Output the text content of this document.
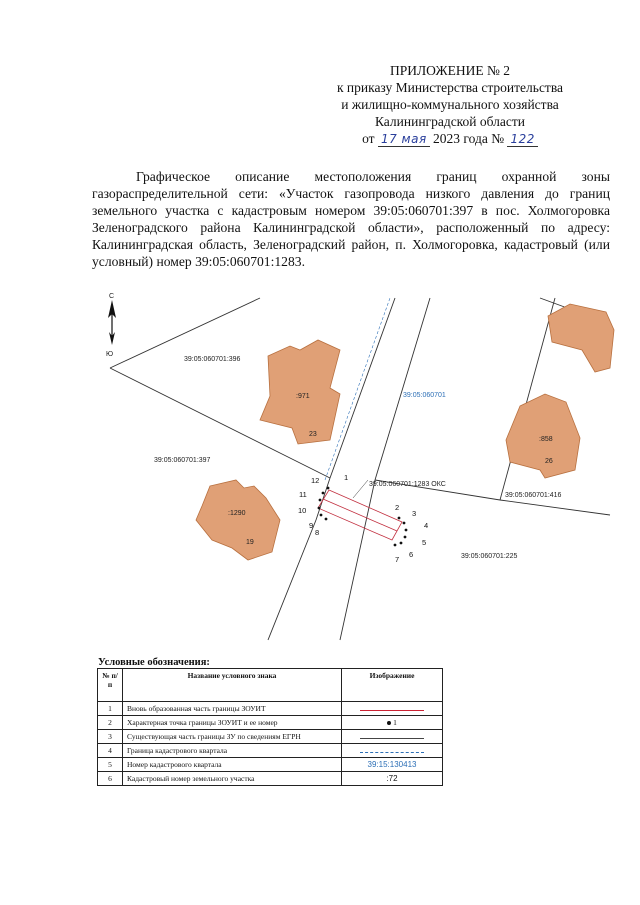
ПРИЛОЖЕНИЕ № 2
к приказу Министерства строительства
и жилищно-коммунального хозяйства
Калининградской области
от 17 мая 2023 года № 122
Графическое описание местоположения границ охранной зоны газораспределительной сети: «Участок газопровода низкого давления до границ земельного участка с кадастровым номером 39:05:060701:397 в пос. Холмогоровка Зеленоградского района Калининградской области», расположенный по адресу: Калининградская область, Зеленоградский район, п. Холмогоровка, кадастровый (или условный) номер 39:05:060701:1283.
С
Ю
:971
23
:1290
19
:858
26
39:05:060701:396
39:05:060701:397
39:05:060701:416
39:05:060701:225
39:05:060701
39:05:060701:1283 ОКС
1
2
3
4
5
6
7
8
9
10
11
12
Условные обозначения:
№ п/ п	Название условного знака	Изображение
1	Вновь образованная часть границы ЗОУИТ	
2	Характерная точка границы ЗОУИТ и ее номер	1
3	Существующая часть границы ЗУ по сведениям ЕГРН	
4	Граница кадастрового квартала	
5	Номер кадастрового квартала	39:15:130413
6	Кадастровый номер земельного участка	:72
